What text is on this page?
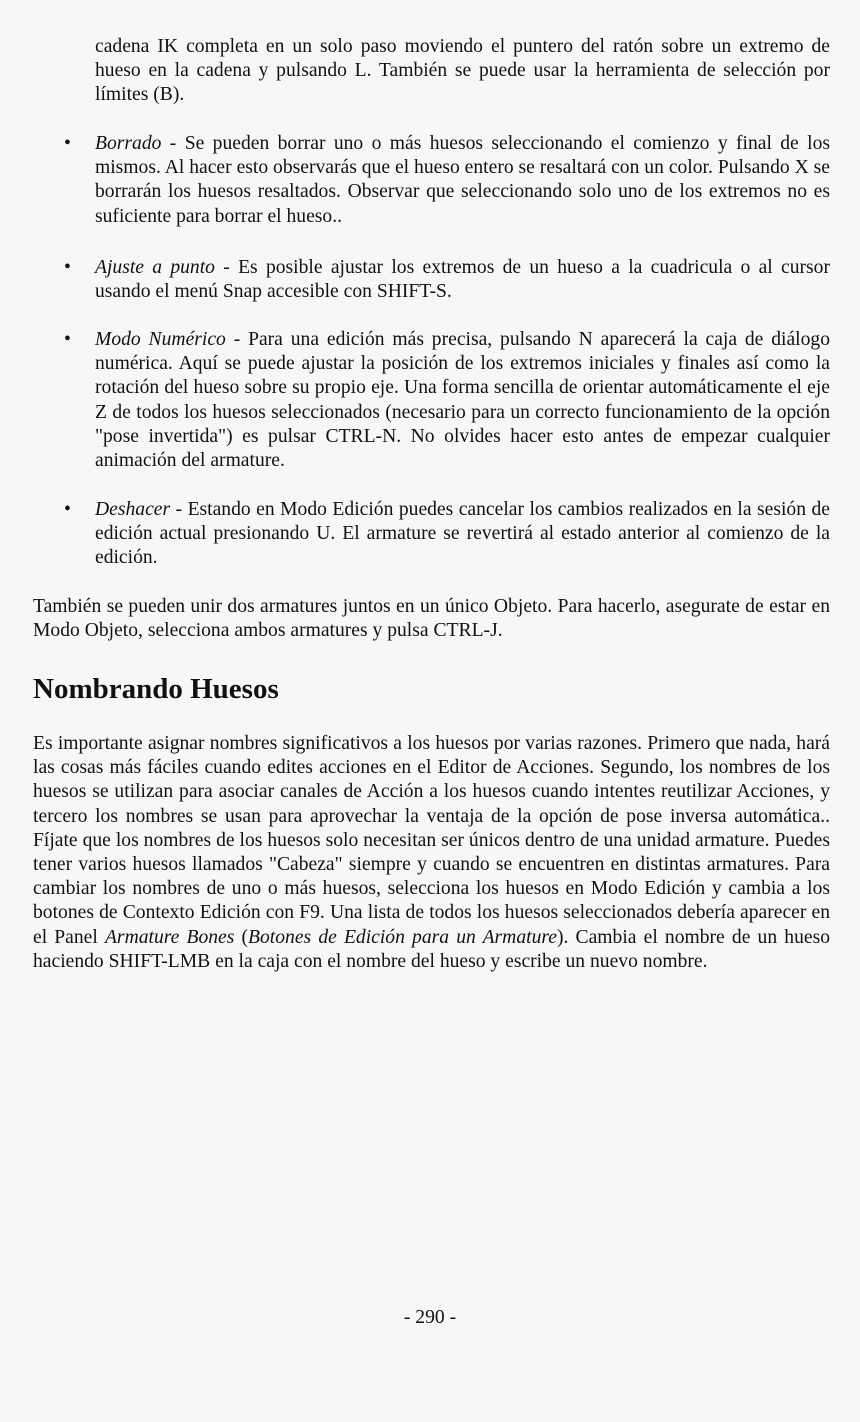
cadena IK completa en un solo paso moviendo el puntero del ratón sobre un extremo de hueso en la cadena y pulsando L. También se puede usar la herramienta de selección por límites (B).

• Borrado - Se pueden borrar uno o más huesos seleccionando el comienzo y final de los mismos. Al hacer esto observarás que el hueso entero se resaltará con un color. Pulsando X se borrarán los huesos resaltados. Observar que seleccionando solo uno de los extremos no es suficiente para borrar el hueso..
• Ajuste a punto - Es posible ajustar los extremos de un hueso a la cuadricula o al cursor usando el menú Snap accesible con SHIFT-S.
• Modo Numérico - Para una edición más precisa, pulsando N aparecerá la caja de diálogo numérica. Aquí se puede ajustar la posición de los extremos iniciales y finales así como la rotación del hueso sobre su propio eje. Una forma sencilla de orientar automáticamente el eje Z de todos los huesos seleccionados (necesario para un correcto funcionamiento de la opción "pose invertida") es pulsar CTRL-N. No olvides hacer esto antes de empezar cualquier animación del armature.
• Deshacer - Estando en Modo Edición puedes cancelar los cambios realizados en la sesión de edición actual presionando U. El armature se revertirá al estado anterior al comienzo de la edición.

También se pueden unir dos armatures juntos en un único Objeto. Para hacerlo, asegurate de estar en Modo Objeto, selecciona ambos armatures y pulsa CTRL-J.

Nombrando Huesos

Es importante asignar nombres significativos a los huesos por varias razones. Primero que nada, hará las cosas más fáciles cuando edites acciones en el Editor de Acciones. Segundo, los nombres de los huesos se utilizan para asociar canales de Acción a los huesos cuando intentes reutilizar Acciones, y tercero los nombres se usan para aprovechar la ventaja de la opción de pose inversa automática.. Fíjate que los nombres de los huesos solo necesitan ser únicos dentro de una unidad armature. Puedes tener varios huesos llamados "Cabeza" siempre y cuando se encuentren en distintas armatures. Para cambiar los nombres de uno o más huesos, selecciona los huesos en Modo Edición y cambia a los botones de Contexto Edición con F9. Una lista de todos los huesos seleccionados debería aparecer en el Panel Armature Bones (Botones de Edición para un Armature). Cambia el nombre de un hueso haciendo SHIFT-LMB en la caja con el nombre del hueso y escribe un nuevo nombre.

- 290 -
